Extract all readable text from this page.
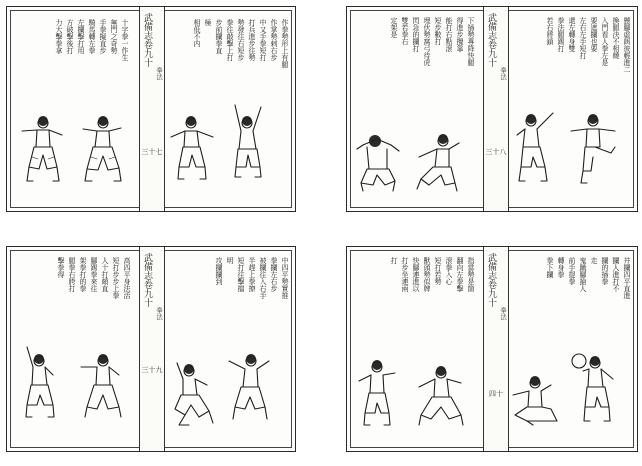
十字拳一作生
無門之奇勢
手拳擬直步
騎馬轉左拳
左攔擊打用
方破擊後打
力大擊拳拿	武備志卷九十
拳法
三十七
作拳勢形上有腿
作掌勢刺右步
中又手拳短打
打兵進步往勢
勢發往右短步
拳往敲擊上打
步前攔拳直
極
相低不内	下插勢專降快腿
得進步攪靠
能打右點滾
短步數打
埋伏勢窩弓待虎
閃急的攔打
雙若拳右
定架是	武備志卷九十
拳法
三十八
懸腳虛餌彼輕進二
換腿決不相饒
入門看人拳左是
要遮攔也要
左右左手短打
還左轉身雙
拳法腿踢打
若右將鎖
高四平身法活
短打步步上拳
人十打頗直
腳踢拳來往
架拳打的拳
腿拳右胯打
擊拳得	武備志卷九十
拳法
三十九
中四平勢實推
拳攔左右步
被攔往入右手
半趕上拳撩
短打往擊擋
明
攻攔攔到	指當勢是箇
翻向左拳擊
滾拳入心
短打若勢
獸頭勢似牌
快腳連進以
打步坐連兩
打	武備志卷九十
拳法
四十
井攔四平直進
攔人進打不
攔的插拳
走
鬼蹴腳搶人
前手提拳
轉身拳
拳下攔
